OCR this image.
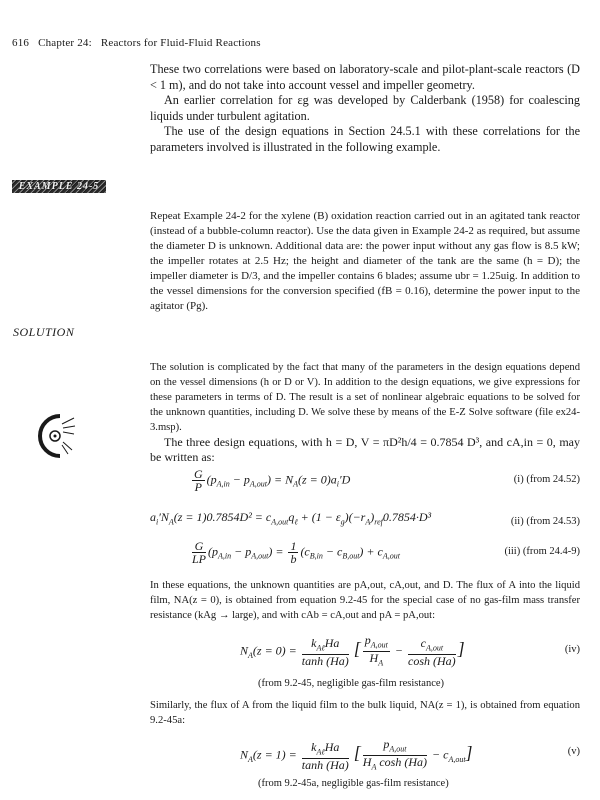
616 Chapter 24: Reactors for Fluid-Fluid Reactions

These two correlations were based on laboratory-scale and pilot-plant-scale reactors (D < 1 m), and do not take into account vessel and impeller geometry.

An earlier correlation for εg was developed by Calderbank (1958) for coalescing liquids under turbulent agitation.

The use of the design equations in Section 24.5.1 with these correlations for the parameters involved is illustrated in the following example.

EXAMPLE 24-5

Repeat Example 24-2 for the xylene (B) oxidation reaction carried out in an agitated tank reactor (instead of a bubble-column reactor). Use the data given in Example 24-2 as required, but assume the diameter D is unknown. Additional data are: the power input without any gas flow is 8.5 kW; the impeller rotates at 2.5 Hz; the height and diameter of the tank are the same (h = D); the impeller diameter is D/3, and the impeller contains 6 blades; assume ubr = 1.25uig. In addition to the vessel dimensions for the conversion specified (fB = 0.16), determine the power input to the agitator (Pg).

SOLUTION

The solution is complicated by the fact that many of the parameters in the design equations depend on the vessel dimensions (h or D or V). In addition to the design equations, we give expressions for these parameters in terms of D. The result is a set of nonlinear algebraic equations to be solved for the unknown quantities, including D. We solve these by means of the E-Z Solve software (file ex24-3.msp).

The three design equations, with h = D, V = πD²h/4 = 0.7854 D³, and cA,in = 0, may be written as:

$\frac{G}{P} (p_{A,in} - p_{A,out}) = N_A(z = 0)a_i'D$	(i) (from 24.52)
$a_i'N_A(z = 1)0.7854D^2 = c_{A,out}q_\ell + (1 - \varepsilon_g)(-r_A)_{ref}0.7854\cdot D^3$	(ii) (from 24.53)
$\frac{G}{LP} (p_{A,in} - p_{A,out}) = \frac{1}{b} (c_{B,in} - c_{B,out}) + c_{A,out}$	(iii) (from 24.4-9)

In these equations, the unknown quantities are pA,out, cA,out, and D. The flux of A into the liquid film, NA(z = 0), is obtained from equation 9.2-45 for the special case of no gas-film mass transfer resistance (kAg → large), and with cAb = cA,out and pA = pA,out:

$N_A(z = 0) = \frac{k_{A\ell}Ha}{\tanh (Ha)}$ [ $\frac{p_{A,out}}{H_A} - \frac{c_{A,out}}{\cosh (Ha)}$ ]	(iv)
(from 9.2-45, negligible gas-film resistance)

Similarly, the flux of A from the liquid film to the bulk liquid, NA(z = 1), is obtained from equation 9.2-45a:

$N_A(z = 1) = \frac{k_{A\ell}Ha}{\tanh (Ha)}$ [ $\frac{p_{A,out}}{H_A \cosh (Ha)} - c_{A,out}$]	(v)
(from 9.2-45a, negligible gas-film resistance)
